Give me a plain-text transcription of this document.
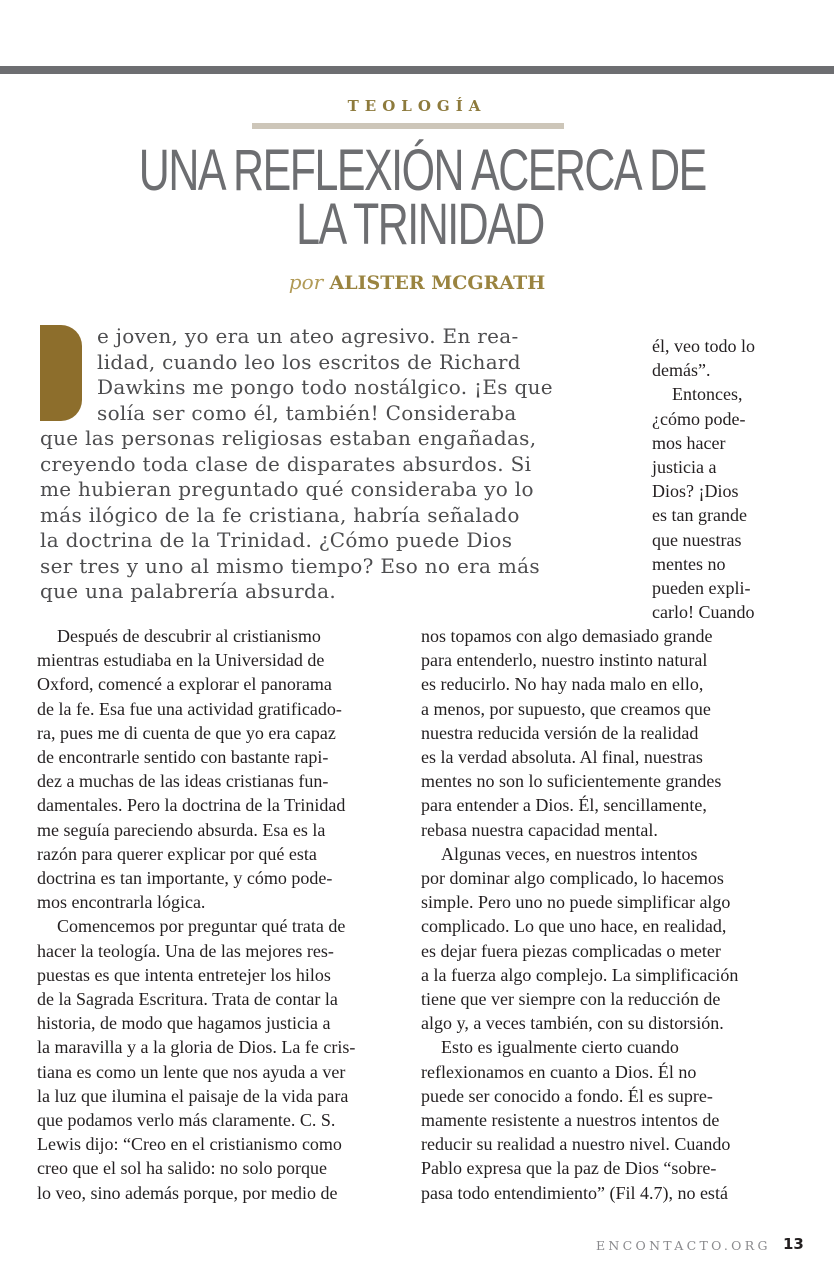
TEOLOGÍA
UNA REFLEXIÓN ACERCA DE
LA TRINIDAD
por ALISTER MCGRATH
e joven, yo era un ateo agresivo. En rea-
lidad, cuando leo los escritos de Richard
Dawkins me pongo todo nostálgico. ¡Es que
solía ser como él, también! Consideraba
que las personas religiosas estaban engañadas,
creyendo toda clase de disparates absurdos. Si
me hubieran preguntado qué consideraba yo lo
más ilógico de la fe cristiana, habría señalado
la doctrina de la Trinidad. ¿Cómo puede Dios
ser tres y uno al mismo tiempo? Eso no era más
que una palabrería absurda.
él, veo todo lo
demás”.
Entonces,
¿cómo pode-
mos hacer
justicia a
Dios? ¡Dios
es tan grande
que nuestras
mentes no
pueden expli-
carlo! Cuando
Después de descubrir al cristianismo
mientras estudiaba en la Universidad de
Oxford, comencé a explorar el panorama
de la fe. Esa fue una actividad gratificado-
ra, pues me di cuenta de que yo era capaz
de encontrarle sentido con bastante rapi-
dez a muchas de las ideas cristianas fun-
damentales. Pero la doctrina de la Trinidad
me seguía pareciendo absurda. Esa es la
razón para querer explicar por qué esta
doctrina es tan importante, y cómo pode-
mos encontrarla lógica.
Comencemos por preguntar qué trata de
hacer la teología. Una de las mejores res-
puestas es que intenta entretejer los hilos
de la Sagrada Escritura. Trata de contar la
historia, de modo que hagamos justicia a
la maravilla y a la gloria de Dios. La fe cris-
tiana es como un lente que nos ayuda a ver
la luz que ilumina el paisaje de la vida para
que podamos verlo más claramente. C. S.
Lewis dijo: “Creo en el cristianismo como
creo que el sol ha salido: no solo porque
lo veo, sino además porque, por medio de
nos topamos con algo demasiado grande
para entenderlo, nuestro instinto natural
es reducirlo. No hay nada malo en ello,
a menos, por supuesto, que creamos que
nuestra reducida versión de la realidad
es la verdad absoluta. Al final, nuestras
mentes no son lo suficientemente grandes
para entender a Dios. Él, sencillamente,
rebasa nuestra capacidad mental.
Algunas veces, en nuestros intentos
por dominar algo complicado, lo hacemos
simple. Pero uno no puede simplificar algo
complicado. Lo que uno hace, en realidad,
es dejar fuera piezas complicadas o meter
a la fuerza algo complejo. La simplificación
tiene que ver siempre con la reducción de
algo y, a veces también, con su distorsión.
Esto es igualmente cierto cuando
reflexionamos en cuanto a Dios. Él no
puede ser conocido a fondo. Él es supre-
mamente resistente a nuestros intentos de
reducir su realidad a nuestro nivel. Cuando
Pablo expresa que la paz de Dios “sobre-
pasa todo entendimiento” (Fil 4.7), no está
ENCONTACTO.ORG 13
